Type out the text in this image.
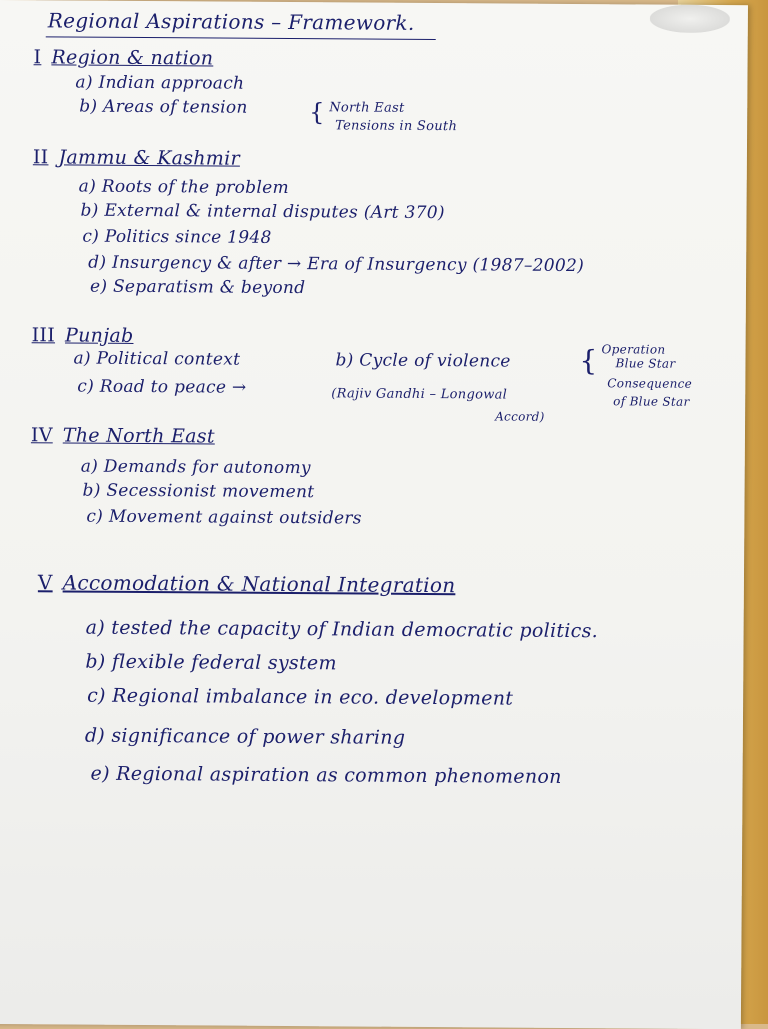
Regional Aspirations – Framework.
I Region & nation
a) Indian approach
b) Areas of tension	{ North East
Tensions in South
II Jammu & Kashmir
a) Roots of the problem
b) External & internal disputes (Art 370)
c) Politics since 1948
d) Insurgency & after → Era of Insurgency (1987–2002)
e) Separatism & beyond
III Punjab
a) Political context	b) Cycle of violence { Operation
Blue Star
Consequence
of Blue Star
c) Road to peace →	(Rajiv Gandhi – Longowal
Accord)
IV The North East
a) Demands for autonomy
b) Secessionist movement
c) Movement against outsiders
V Accomodation & National Integration
a) tested the capacity of Indian democratic politics.
b) flexible federal system
c) Regional imbalance in eco. development
d) significance of power sharing
e) Regional aspiration as common phenomenon
